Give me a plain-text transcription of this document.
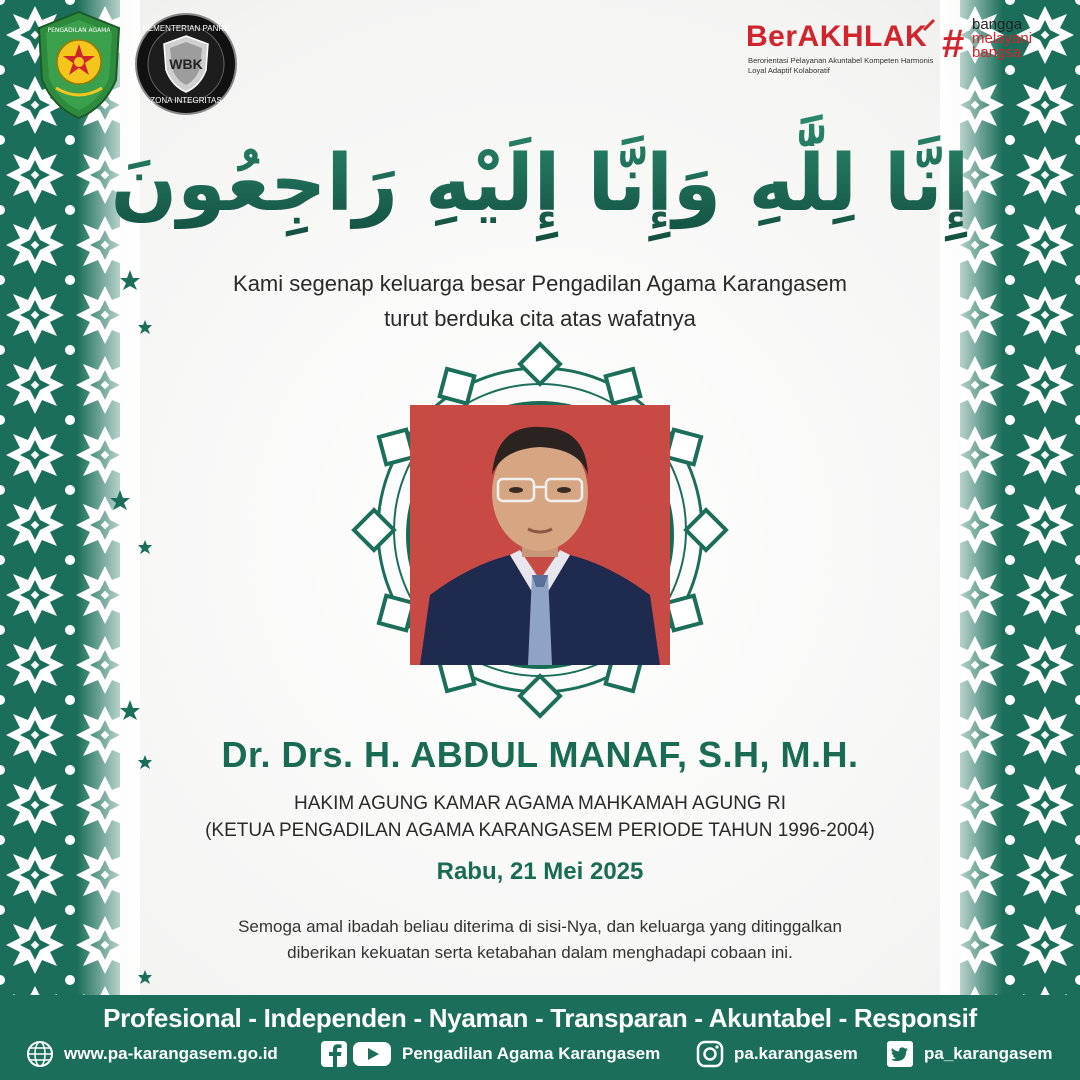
PENGADILAN AGAMA	KEMENTERIAN PANRB
WBK
ZONA INTEGRITAS
BerAKHLAK
Berorientasi Pelayanan Akuntabel Kompeten Harmonis Loyal Adaptif Kolaboratif
# bangga
melayani
bangsa
إِنَّا لِلَّٰهِ وَإِنَّا إِلَيْهِ رَاجِعُونَ
Kami segenap keluarga besar Pengadilan Agama Karangasem
turut berduka cita atas wafatnya
Dr. Drs. H. ABDUL MANAF, S.H, M.H.
HAKIM AGUNG KAMAR AGAMA MAHKAMAH AGUNG RI
(KETUA PENGADILAN AGAMA KARANGASEM PERIODE TAHUN 1996-2004)
Rabu, 21 Mei 2025
Semoga amal ibadah beliau diterima di sisi-Nya, dan keluarga yang ditinggalkan
diberikan kekuatan serta ketabahan dalam menghadapi cobaan ini.
Profesional - Independen - Nyaman - Transparan - Akuntabel - Responsif
www.pa-karangasem.go.id	Pengadilan Agama Karangasem	pa.karangasem	pa_karangasem
